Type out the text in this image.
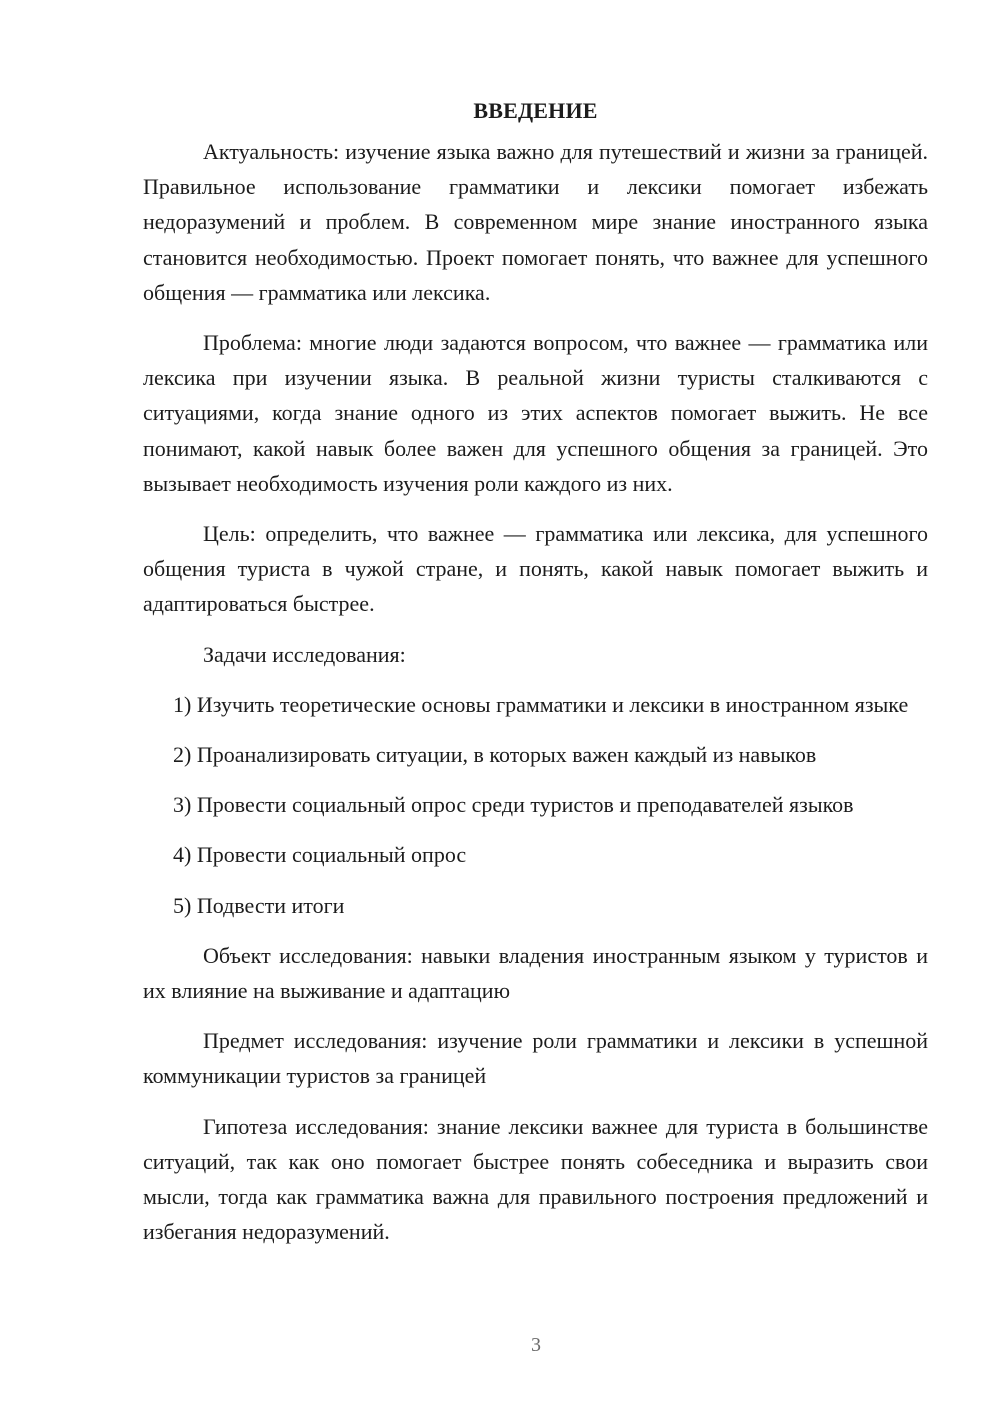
ВВЕДЕНИЕ

Актуальность: изучение языка важно для путешествий и жизни за границей. Правильное использование грамматики и лексики помогает избежать недоразумений и проблем. В современном мире знание иностранного языка становится необходимостью. Проект помогает понять, что важнее для успешного общения — грамматика или лексика.

Проблема: многие люди задаются вопросом, что важнее — грамматика или лексика при изучении языка. В реальной жизни туристы сталкиваются с ситуациями, когда знание одного из этих аспектов помогает выжить. Не все понимают, какой навык более важен для успешного общения за границей. Это вызывает необходимость изучения роли каждого из них.

Цель: определить, что важнее — грамматика или лексика, для успешного общения туриста в чужой стране, и понять, какой навык помогает выжить и адаптироваться быстрее.

Задачи исследования:

1) Изучить теоретические основы грамматики и лексики в иностранном языке
2) Проанализировать ситуации, в которых важен каждый из навыков
3) Провести социальный опрос среди туристов и преподавателей языков
4) Провести социальный опрос
5) Подвести итоги

Объект исследования: навыки владения иностранным языком у туристов и их влияние на выживание и адаптацию

Предмет исследования: изучение роли грамматики и лексики в успешной коммуникации туристов за границей

Гипотеза исследования: знание лексики важнее для туриста в большинстве ситуаций, так как оно помогает быстрее понять собеседника и выразить свои мысли, тогда как грамматика важна для правильного построения предложений и избегания недоразумений.

3
